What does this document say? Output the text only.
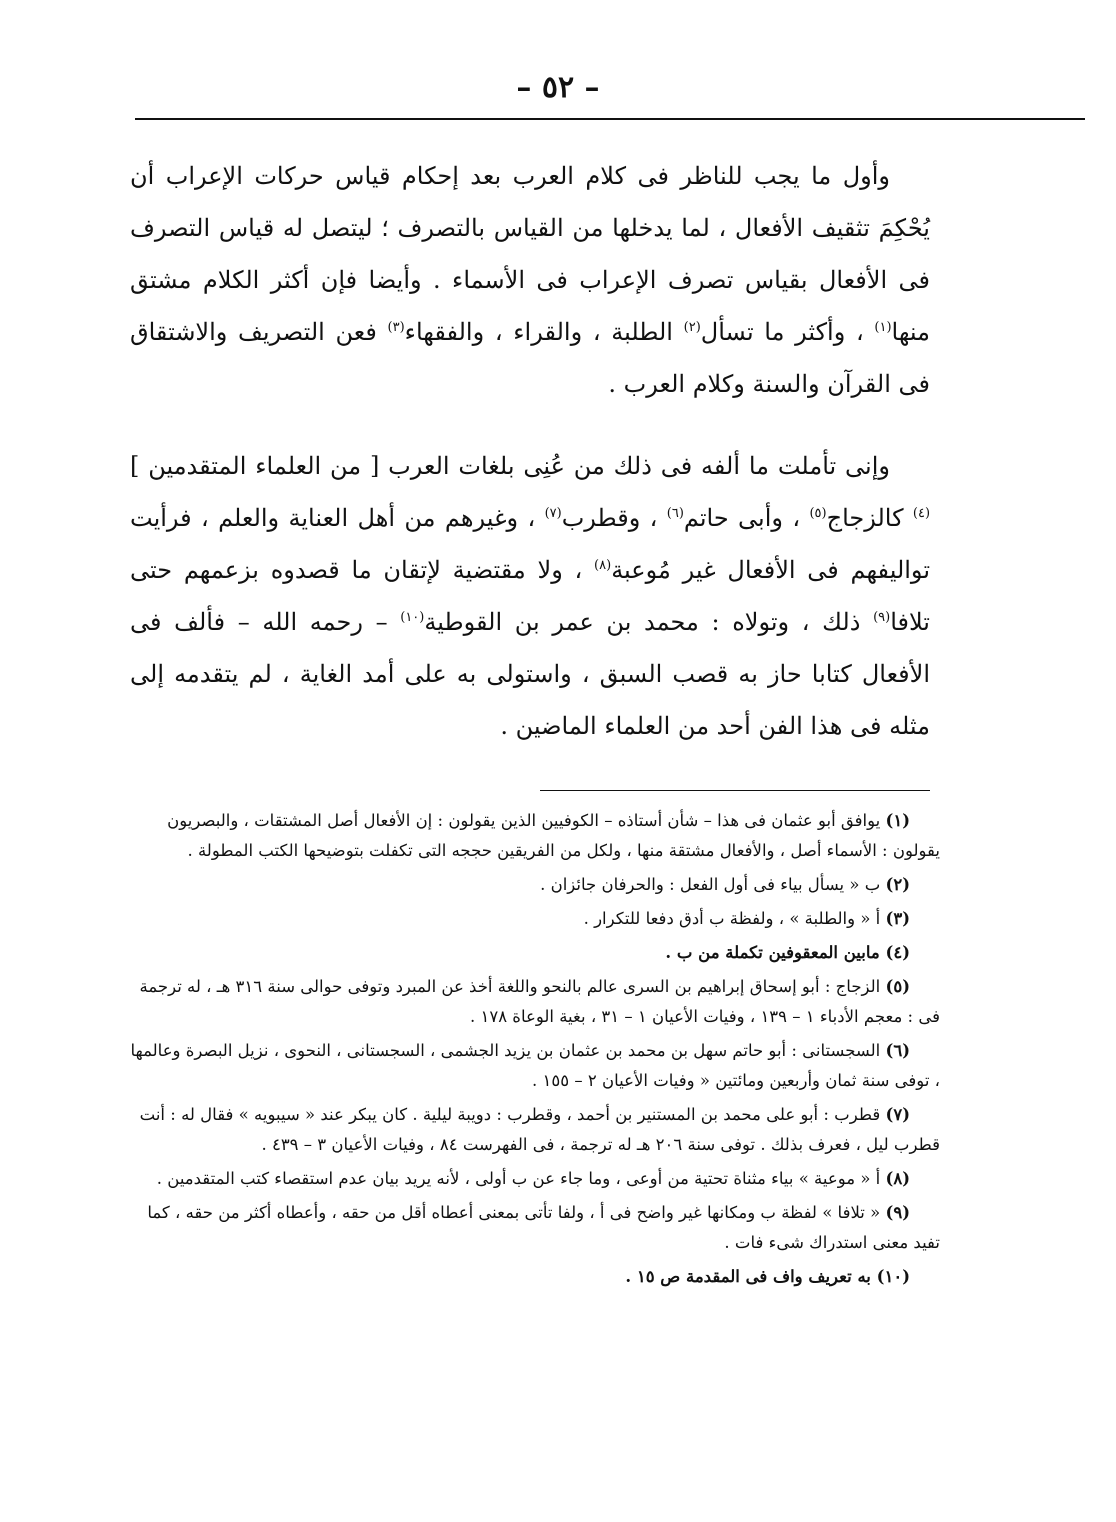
– ٥٢ –

وأول ما يجب للناظر فى كلام العرب بعد إحكام قياس حركات الإعراب أن يُحْكِمَ تثقيف الأفعال ، لما يدخلها من القياس بالتصرف ؛ ليتصل له قياس التصرف فى الأفعال بقياس تصرف الإعراب فى الأسماء . وأيضا فإن أكثر الكلام مشتق منها$^{(١)}$ ، وأكثر ما تسأل$^{(٢)}$ الطلبة ، والقراء ، والفقهاء$^{(٣)}$ فعن التصريف والاشتقاق فى القرآن والسنة وكلام العرب .

وإنى تأملت ما ألفه فى ذلك من عُنِى بلغات العرب [ من العلماء المتقدمين ]$^{(٤)}$ كالزجاج$^{(٥)}$ ، وأبى حاتم$^{(٦)}$ ، وقطرب$^{(٧)}$ ، وغيرهم من أهل العناية والعلم ، فرأيت تواليفهم فى الأفعال غير مُوعبة$^{(٨)}$ ، ولا مقتضية لإتقان ما قصدوه بزعمهم حتى تلافا$^{(٩)}$ ذلك ، وتولاه : محمد بن عمر بن القوطية$^{(١٠)}$ – رحمه الله – فألف فى الأفعال كتابا حاز به قصب السبق ، واستولى به على أمد الغاية ، لم يتقدمه إلى مثله فى هذا الفن أحد من العلماء الماضين .

(١) يوافق أبو عثمان فى هذا – شأن أستاذه – الكوفيين الذين يقولون : إن الأفعال أصل المشتقات ، والبصريون يقولون : الأسماء أصل ، والأفعال مشتقة منها ، ولكل من الفريقين حججه التى تكفلت بتوضيحها الكتب المطولة .

(٢) ب « يسأل بياء فى أول الفعل : والحرفان جائزان .

(٣) أ « والطلبة » ، ولفظة ب أدق دفعا للتكرار .

(٤) مابين المعقوفين تكملة من ب .

(٥) الزجاج : أبو إسحاق إبراهيم بن السرى عالم بالنحو واللغة أخذ عن المبرد وتوفى حوالى سنة ٣١٦ هـ ، له ترجمة فى : معجم الأدباء ١ – ١٣٩ ، وفيات الأعيان ١ – ٣١ ، بغية الوعاة ١٧٨ .

(٦) السجستانى : أبو حاتم سهل بن محمد بن عثمان بن يزيد الجشمى ، السجستانى ، النحوى ، نزيل البصرة وعالمها ، توفى سنة ثمان وأربعين ومائتين « وفيات الأعيان ٢ – ١٥٥ .

(٧) قطرب : أبو على محمد بن المستنير بن أحمد ، وقطرب : دويبة ليلية . كان يبكر عند « سيبويه » فقال له : أنت قطرب ليل ، فعرف بذلك . توفى سنة ٢٠٦ هـ له ترجمة ، فى الفهرست ٨٤ ، وفيات الأعيان ٣ – ٤٣٩ .

(٨) أ « موعية » بياء مثناة تحتية من أوعى ، وما جاء عن ب أولى ، لأنه يريد بيان عدم استقصاء كتب المتقدمين .

(٩) « تلافا » لفظة ب ومكانها غير واضح فى أ ، ولفا تأتى بمعنى أعطاه أقل من حقه ، وأعطاه أكثر من حقه ، كما تفيد معنى استدراك شىء فات .

(١٠) به تعريف واف فى المقدمة ص ١٥ .
